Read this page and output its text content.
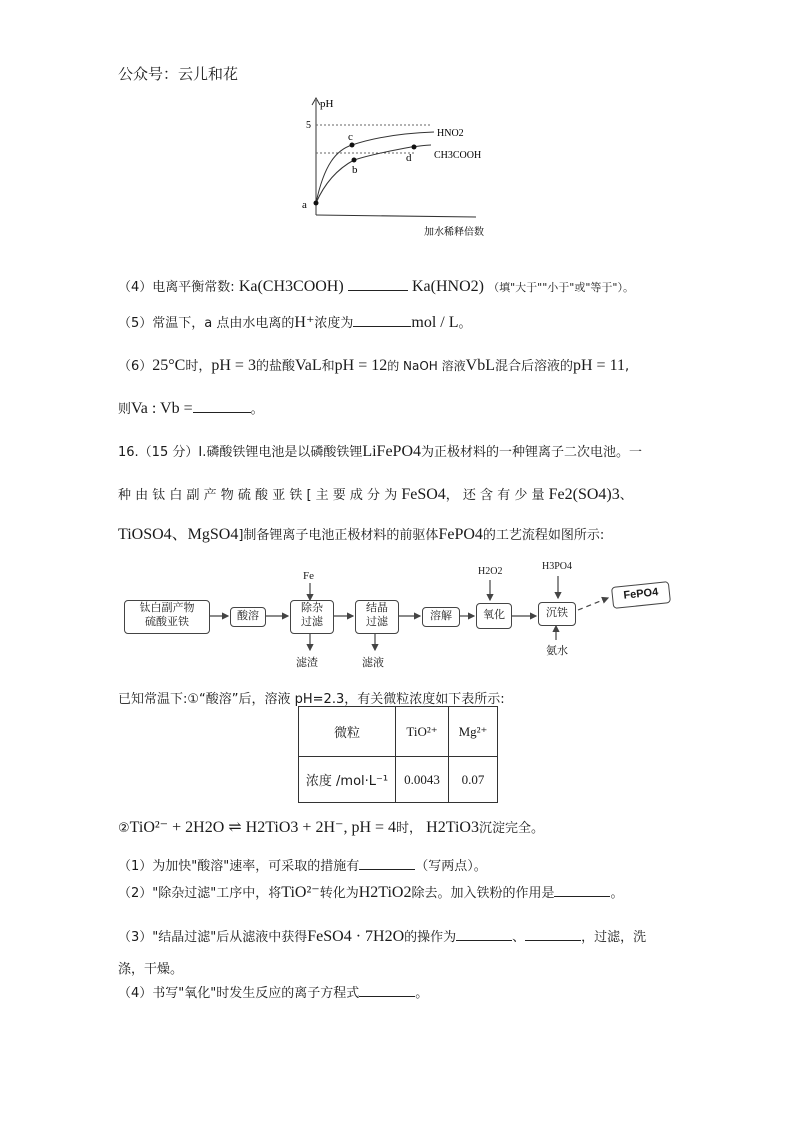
公众号：云儿和花
pH
5
a
c
b
d
HNO2
CH3COOH
加水稀释倍数
（4）电离平衡常数: Ka(CH3COOH)	Ka(HNO2) （填"大于""小于"或"等于"）。
（5）常温下，a 点由水电离的H⁺浓度为	mol / L。
（6）25°C时，pH = 3的盐酸VaL和pH = 12的 NaOH 溶液VbL混合后溶液的pH = 11,
则Va : Vb =	。
16.（15 分）I.磷酸铁锂电池是以磷酸铁锂LiFePO4为正极材料的一种锂离子二次电池。一
种 由 钛 白 副 产 物 硫 酸 亚 铁 [ 主 要 成 分 为 FeSO4， 还 含 有 少 量 Fe2(SO4)3、
TiOSO4、MgSO4]制备锂离子电池正极材料的前驱体FePO4的工艺流程如图所示:
钛白副产物硫酸亚铁	酸溶
除杂过滤
结晶过滤	溶解	氧化	沉铁
FePO4
Fe	H2O2	H3PO4
滤渣	滤液
氨水
已知常温下:①“酸溶”后，溶液 pH=2.3，有关微粒浓度如下表所示:
微粒	TiO²⁺	Mg²⁺
浓度 /mol·L⁻¹	0.0043	0.07
②TiO²⁻ + 2H2O ⇌ H2TiO3 + 2H⁻, pH = 4时， H2TiO3沉淀完全。
（1）为加快"酸溶"速率，可采取的措施有	（写两点）。
（2）"除杂过滤"工序中，将TiO²⁻转化为H2TiO2除去。加入铁粉的作用是	。
（3）"结晶过滤"后从滤液中获得FeSO4 · 7H2O的操作为	、	，过滤，洗
涤，干燥。
（4）书写"氧化"时发生反应的离子方程式	。
